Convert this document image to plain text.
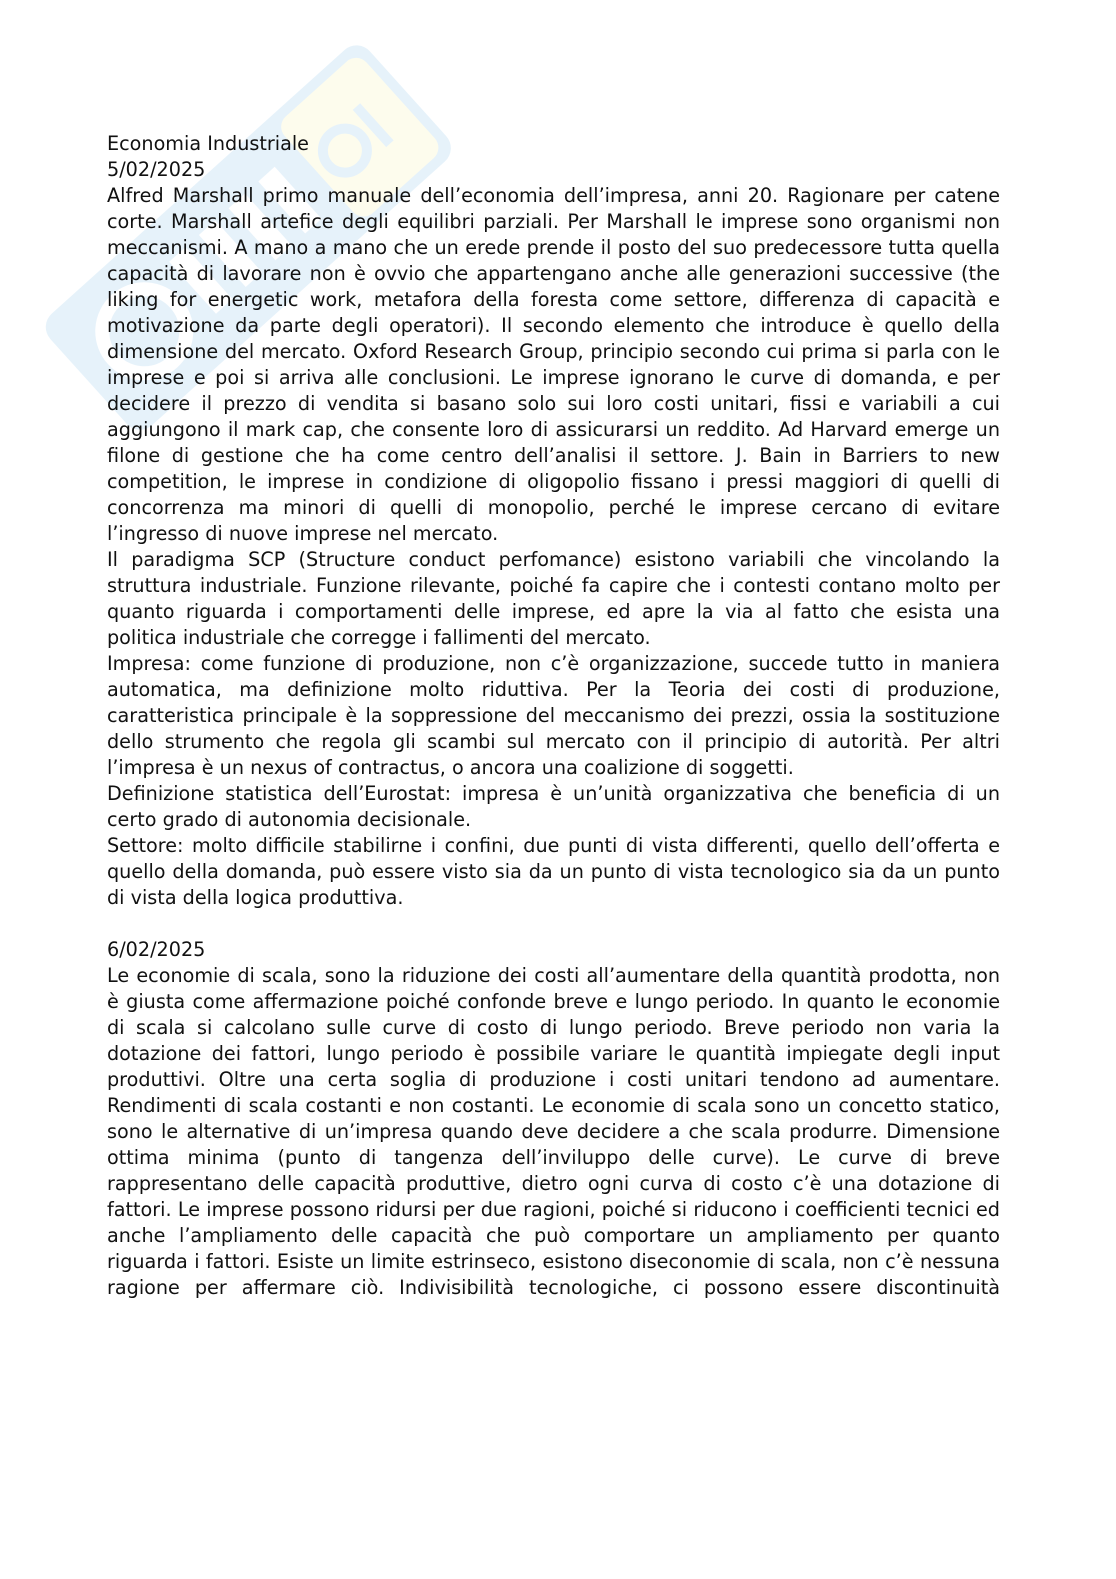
Economia Industriale

5/02/2025

Alfred Marshall primo manuale dell’economia dell’impresa, anni 20. Ragionare per catene corte. Marshall artefice degli equilibri parziali. Per Marshall le imprese sono organismi non meccanismi. A mano a mano che un erede prende il posto del suo predecessore tutta quella capacità di lavorare non è ovvio che appartengano anche alle generazioni successive (the liking for energetic work, metafora della foresta come settore, differenza di capacità e motivazione da parte degli operatori). Il secondo elemento che introduce è quello della dimensione del mercato. Oxford Research Group, principio secondo cui prima si parla con le imprese e poi si arriva alle conclusioni. Le imprese ignorano le curve di domanda, e per decidere il prezzo di vendita si basano solo sui loro costi unitari, fissi e variabili a cui aggiungono il mark cap, che consente loro di assicurarsi un reddito. Ad Harvard emerge un filone di gestione che ha come centro dell’analisi il settore. J. Bain in Barriers to new competition, le imprese in condizione di oligopolio fissano i pressi maggiori di quelli di concorrenza ma minori di quelli di monopolio, perché le imprese cercano di evitare l’ingresso di nuove imprese nel mercato.

Il paradigma SCP (Structure conduct perfomance) esistono variabili che vincolando la struttura industriale. Funzione rilevante, poiché fa capire che i contesti contano molto per quanto riguarda i comportamenti delle imprese, ed apre la via al fatto che esista una politica industriale che corregge i fallimenti del mercato.

Impresa: come funzione di produzione, non c’è organizzazione, succede tutto in maniera automatica, ma definizione molto riduttiva. Per la Teoria dei costi di produzione, caratteristica principale è la soppressione del meccanismo dei prezzi, ossia la sostituzione dello strumento che regola gli scambi sul mercato con il principio di autorità. Per altri l’impresa è un nexus of contractus, o ancora una coalizione di soggetti.

Definizione statistica dell’Eurostat: impresa è un’unità organizzativa che beneficia di un certo grado di autonomia decisionale.

Settore: molto difficile stabilirne i confini, due punti di vista differenti, quello dell’offerta e quello della domanda, può essere visto sia da un punto di vista tecnologico sia da un punto di vista della logica produttiva.

6/02/2025

Le economie di scala, sono la riduzione dei costi all’aumentare della quantità prodotta, non è giusta come affermazione poiché confonde breve e lungo periodo. In quanto le economie di scala si calcolano sulle curve di costo di lungo periodo. Breve periodo non varia la dotazione dei fattori, lungo periodo è possibile variare le quantità impiegate degli input produttivi. Oltre una certa soglia di produzione i costi unitari tendono ad aumentare. Rendimenti di scala costanti e non costanti. Le economie di scala sono un concetto statico, sono le alternative di un’impresa quando deve decidere a che scala produrre. Dimensione ottima minima (punto di tangenza dell’inviluppo delle curve). Le curve di breve rappresentano delle capacità produttive, dietro ogni curva di costo c’è una dotazione di fattori. Le imprese possono ridursi per due ragioni, poiché si riducono i coefficienti tecnici ed anche l’ampliamento delle capacità che può comportare un ampliamento per quanto riguarda i fattori. Esiste un limite estrinseco, esistono diseconomie di scala, non c’è nessuna ragione per affermare ciò. Indivisibilità tecnologiche, ci possono essere discontinuità
